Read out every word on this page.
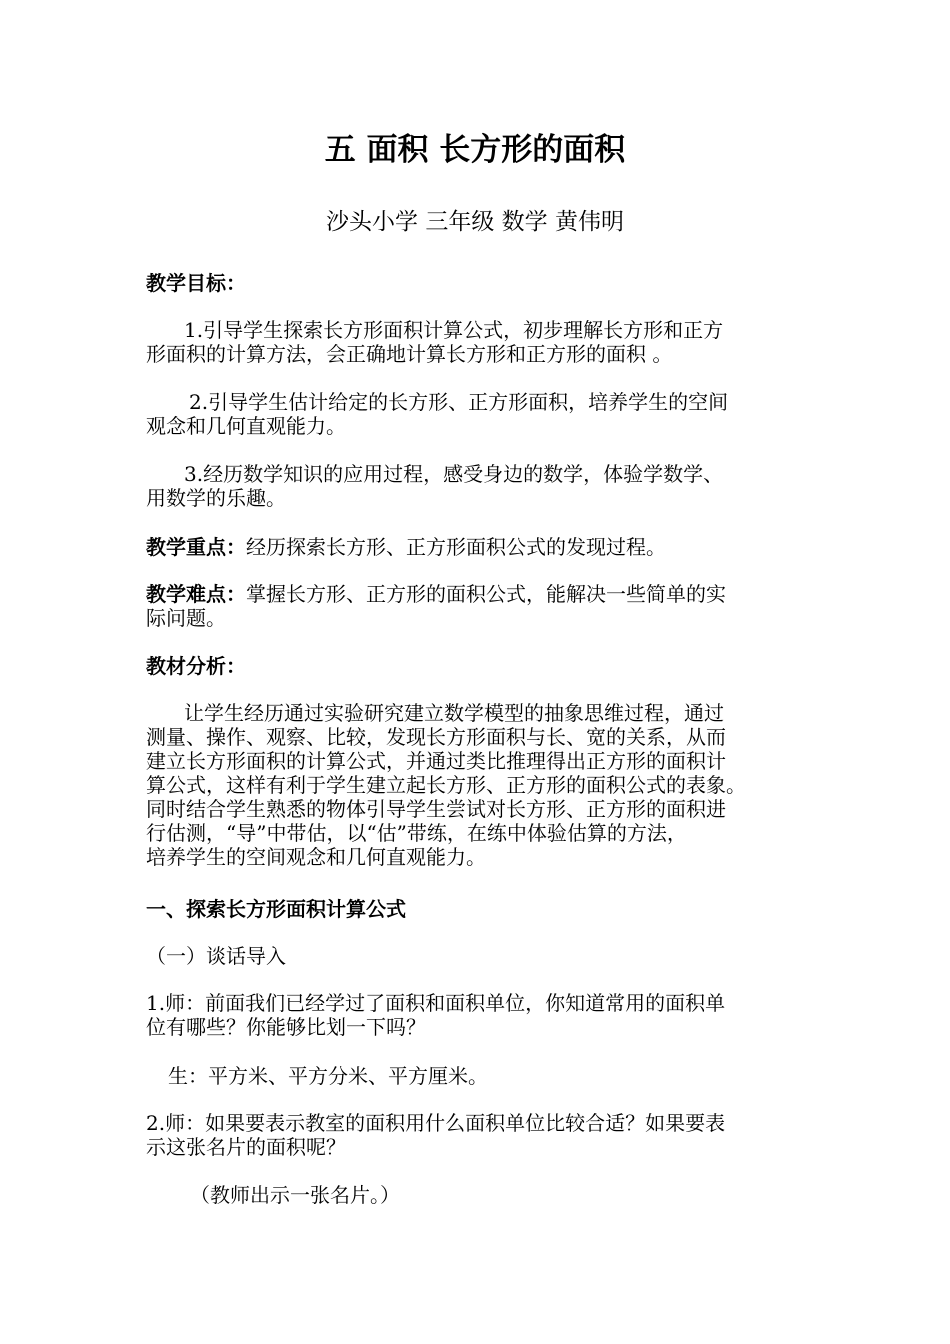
五 面积 长方形的面积
沙头小学 三年级 数学 黄伟明

教学目标：

1.引导学生探索长方形面积计算公式，初步理解长方形和正方

形面积的计算方法，会正确地计算长方形和正方形的面积 。

2.引导学生估计给定的长方形、正方形面积，培养学生的空间

观念和几何直观能力。

3.经历数学知识的应用过程，感受身边的数学，体验学数学、

用数学的乐趣。

教学重点：经历探索长方形、正方形面积公式的发现过程。

教学难点：掌握长方形、正方形的面积公式，能解决一些简单的实

际问题。

教材分析：

让学生经历通过实验研究建立数学模型的抽象思维过程，通过

测量、操作、观察、比较，发现长方形面积与长、宽的关系，从而

建立长方形面积的计算公式，并通过类比推理得出正方形的面积计

算公式，这样有利于学生建立起长方形、正方形的面积公式的表象。

同时结合学生熟悉的物体引导学生尝试对长方形、正方形的面积进

行估测，“导”中带估，以“估”带练，在练中体验估算的方法，

培养学生的空间观念和几何直观能力。

一、探索长方形面积计算公式

（一）谈话导入

1.师：前面我们已经学过了面积和面积单位，你知道常用的面积单

位有哪些？你能够比划一下吗？

生：平方米、平方分米、平方厘米。

2.师：如果要表示教室的面积用什么面积单位比较合适？如果要表

示这张名片的面积呢？

（教师出示一张名片。）
